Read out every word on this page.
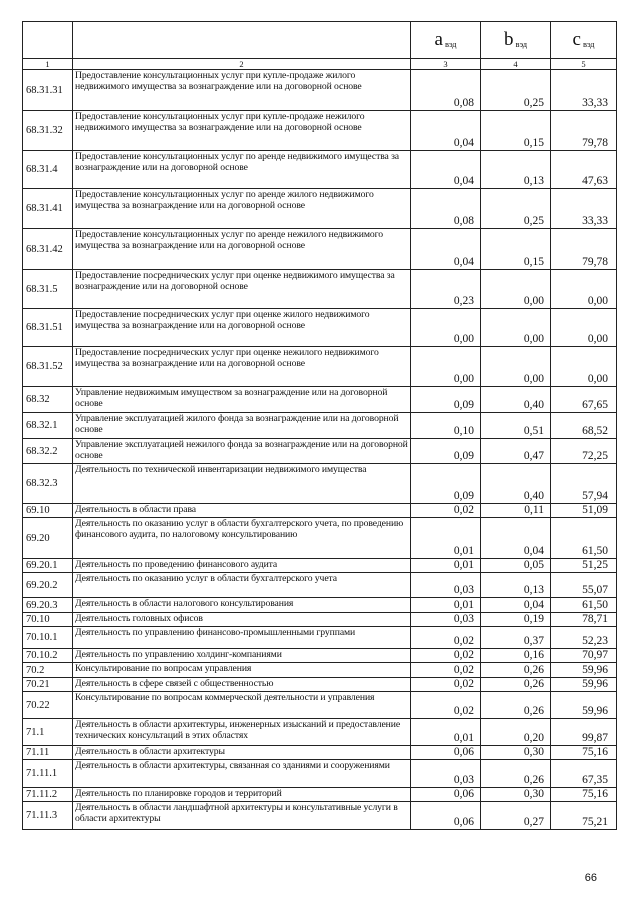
		a вэд	b вэд	c вэд
1	2	3	4	5
68.31.31	Предоставление консультационных услуг при купле-продаже жилого недвижимого имущества за вознаграждение или на договорной основе	0,08	0,25	33,33
68.31.32	Предоставление консультационных услуг при купле-продаже нежилого недвижимого имущества за вознаграждение или на договорной основе	0,04	0,15	79,78
68.31.4	Предоставление консультационных услуг по аренде недвижимого имущества за вознаграждение или на договорной основе	0,04	0,13	47,63
68.31.41	Предоставление консультационных услуг по аренде жилого недвижимого имущества за вознаграждение или на договорной основе	0,08	0,25	33,33
68.31.42	Предоставление консультационных услуг по аренде нежилого недвижимого имущества за вознаграждение или на договорной основе	0,04	0,15	79,78
68.31.5	Предоставление посреднических услуг при оценке недвижимого имущества за вознаграждение или на договорной основе	0,23	0,00	0,00
68.31.51	Предоставление посреднических услуг при оценке жилого недвижимого имущества за вознаграждение или на договорной основе	0,00	0,00	0,00
68.31.52	Предоставление посреднических услуг при оценке нежилого недвижимого имущества за вознаграждение или на договорной основе	0,00	0,00	0,00
68.32	Управление недвижимым имуществом за вознаграждение или на договорной основе	0,09	0,40	67,65
68.32.1	Управление эксплуатацией жилого фонда за вознаграждение или на договорной основе	0,10	0,51	68,52
68.32.2	Управление эксплуатацией нежилого фонда за вознаграждение или на договорной основе	0,09	0,47	72,25
68.32.3	Деятельность по технической инвентаризации недвижимого имущества	0,09	0,40	57,94
69.10	Деятельность в области права	0,02	0,11	51,09
69.20	Деятельность по оказанию услуг в области бухгалтерского учета, по проведению финансового аудита, по налоговому консультированию	0,01	0,04	61,50
69.20.1	Деятельность по проведению финансового аудита	0,01	0,05	51,25
69.20.2	Деятельность по оказанию услуг в области бухгалтерского учета	0,03	0,13	55,07
69.20.3	Деятельность в области налогового консультирования	0,01	0,04	61,50
70.10	Деятельность головных офисов	0,03	0,19	78,71
70.10.1	Деятельность по управлению финансово-промышленными группами	0,02	0,37	52,23
70.10.2	Деятельность по управлению холдинг-компаниями	0,02	0,16	70,97
70.2	Консультирование по вопросам управления	0,02	0,26	59,96
70.21	Деятельность в сфере связей с общественностью	0,02	0,26	59,96
70.22	Консультирование по вопросам коммерческой деятельности и управления	0,02	0,26	59,96
71.1	Деятельность в области архитектуры, инженерных изысканий и предоставление технических консультаций в этих областях	0,01	0,20	99,87
71.11	Деятельность в области архитектуры	0,06	0,30	75,16
71.11.1	Деятельность в области архитектуры, связанная со зданиями и сооружениями	0,03	0,26	67,35
71.11.2	Деятельность по планировке городов и территорий	0,06	0,30	75,16
71.11.3	Деятельность в области ландшафтной архитектуры и консультативные услуги в области архитектуры	0,06	0,27	75,21
66
